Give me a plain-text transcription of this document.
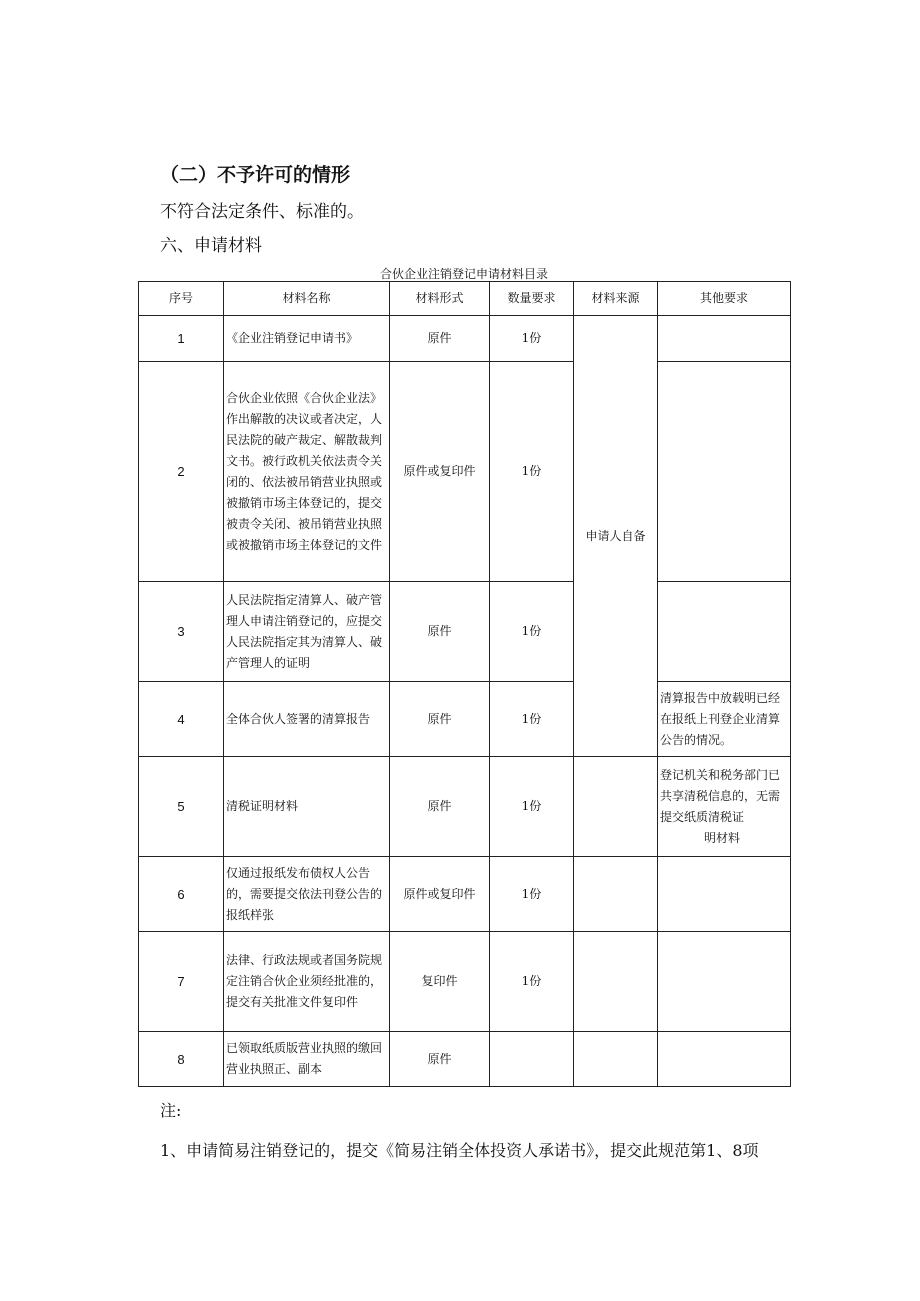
（二）不予许可的情形
不符合法定条件、标准的。
六、申请材料
合伙企业注销登记申请材料目录
序号	材料名称	材料形式	数量要求	材料来源	其他要求
1	《企业注销登记申请书》	原件	1份	申请人自备	
2	合伙企业依照《合伙企业法》作出解散的决议或者决定，人民法院的破产裁定、解散裁判文书。被行政机关依法责令关闭的、依法被吊销营业执照或被撤销市场主体登记的，提交被责令关闭、被吊销营业执照或被撤销市场主体登记的文件	原件或复印件	1份		
3	人民法院指定清算人、破产管理人申请注销登记的，应提交人民法院指定其为清算人、破产管理人的证明	原件	1份		
4	全体合伙人签署的清算报告	原件	1份		清算报告中放载明已经在报纸上刊登企业清算公告的情况。
5	清税证明材料	原件	1份		登记机关和税务部门已共享清税信息的，无需提交纸质清税证
明材料
6	仅通过报纸发布债权人公告的，需要提交依法刊登公告的报纸样张	原件或复印件	1份		
7	法律、行政法规或者国务院规定注销合伙企业须经批准的，提交有关批准文件复印件	复印件	1份		
8	已领取纸质版营业执照的缴回营业执照正、副本	原件			
注:
1、申请简易注销登记的，提交《简易注销全体投资人承诺书》，提交此规范第1、8项
